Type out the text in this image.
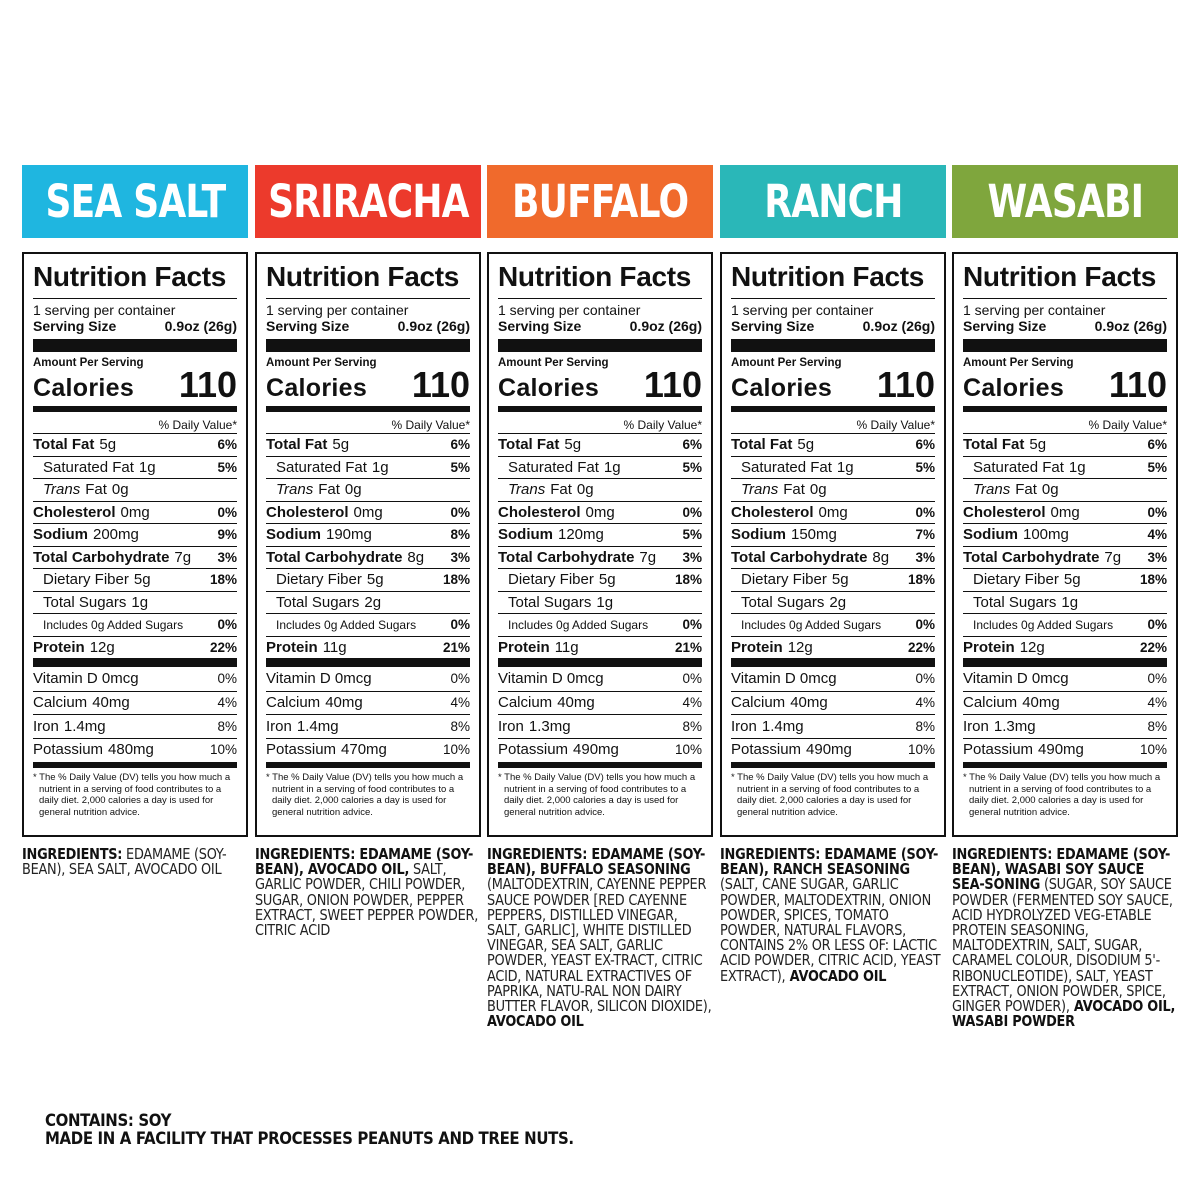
SEA SALT
Nutrition Facts
1 serving per container
Serving Size	0.9oz (26g)
Amount Per Serving
Calories 110
% Daily Value*
Total Fat 5g	6%
Saturated Fat 1g	5%
Trans Fat 0g
Cholesterol 0mg	0%
Sodium 200mg	9%
Total Carbohydrate 7g 3%
Dietary Fiber 5g	18%
Total Sugars 1g
Includes 0g Added Sugars	0%
Protein 12g	22%
Vitamin D 0mcg	0%
Calcium 40mg	4%
Iron 1.4mg	8%
Potassium 480mg	10%
* The % Daily Value (DV) tells you how much a nutrient in a serving of food contributes to a daily diet. 2,000 calories a day is used for general nutrition advice.
INGREDIENTS: EDAMAME (SOY-BEAN), SEA SALT, AVOCADO OIL
SRIRACHA
Nutrition Facts
1 serving per container
Serving Size	0.9oz (26g)
Amount Per Serving
Calories 110
% Daily Value*
Total Fat 5g	6%
Saturated Fat 1g	5%
Trans Fat 0g
Cholesterol 0mg	0%
Sodium 190mg	8%
Total Carbohydrate 8g 3%
Dietary Fiber 5g	18%
Total Sugars 2g
Includes 0g Added Sugars	0%
Protein 11g	21%
Vitamin D 0mcg	0%
Calcium 40mg	4%
Iron 1.4mg	8%
Potassium 470mg	10%
* The % Daily Value (DV) tells you how much a nutrient in a serving of food contributes to a daily diet. 2,000 calories a day is used for general nutrition advice.
INGREDIENTS: EDAMAME (SOY-BEAN), AVOCADO OIL, SALT, GARLIC POWDER, CHILI POWDER, SUGAR, ONION POWDER, PEPPER EXTRACT, SWEET PEPPER POWDER, CITRIC ACID
BUFFALO
Nutrition Facts
1 serving per container
Serving Size	0.9oz (26g)
Amount Per Serving
Calories 110
% Daily Value*
Total Fat 5g	6%
Saturated Fat 1g	5%
Trans Fat 0g
Cholesterol 0mg	0%
Sodium 120mg	5%
Total Carbohydrate 7g 3%
Dietary Fiber 5g	18%
Total Sugars 1g
Includes 0g Added Sugars	0%
Protein 11g	21%
Vitamin D 0mcg	0%
Calcium 40mg	4%
Iron 1.3mg	8%
Potassium 490mg	10%
* The % Daily Value (DV) tells you how much a nutrient in a serving of food contributes to a daily diet. 2,000 calories a day is used for general nutrition advice.
INGREDIENTS: EDAMAME (SOY-BEAN), BUFFALO SEASONING (MALTODEXTRIN, CAYENNE PEPPER SAUCE POWDER [RED CAYENNE PEPPERS, DISTILLED VINEGAR, SALT, GARLIC], WHITE DISTILLED VINEGAR, SEA SALT, GARLIC POWDER, YEAST EX-TRACT, CITRIC ACID, NATURAL EXTRACTIVES OF PAPRIKA, NATU-RAL NON DAIRY BUTTER FLAVOR, SILICON DIOXIDE), AVOCADO OIL
RANCH
Nutrition Facts
1 serving per container
Serving Size	0.9oz (26g)
Amount Per Serving
Calories 110
% Daily Value*
Total Fat 5g	6%
Saturated Fat 1g	5%
Trans Fat 0g
Cholesterol 0mg	0%
Sodium 150mg	7%
Total Carbohydrate 8g 3%
Dietary Fiber 5g	18%
Total Sugars 2g
Includes 0g Added Sugars	0%
Protein 12g	22%
Vitamin D 0mcg	0%
Calcium 40mg	4%
Iron 1.4mg	8%
Potassium 490mg	10%
* The % Daily Value (DV) tells you how much a nutrient in a serving of food contributes to a daily diet. 2,000 calories a day is used for general nutrition advice.
INGREDIENTS: EDAMAME (SOY-BEAN), RANCH SEASONING (SALT, CANE SUGAR, GARLIC POWDER, MALTODEXTRIN, ONION POWDER, SPICES, TOMATO POWDER, NATURAL FLAVORS, CONTAINS 2% OR LESS OF: LACTIC ACID POWDER, CITRIC ACID, YEAST EXTRACT), AVOCADO OIL
WASABI
Nutrition Facts
1 serving per container
Serving Size	0.9oz (26g)
Amount Per Serving
Calories 110
% Daily Value*
Total Fat 5g	6%
Saturated Fat 1g	5%
Trans Fat 0g
Cholesterol 0mg	0%
Sodium 100mg	4%
Total Carbohydrate 7g 3%
Dietary Fiber 5g	18%
Total Sugars 1g
Includes 0g Added Sugars	0%
Protein 12g	22%
Vitamin D 0mcg	0%
Calcium 40mg	4%
Iron 1.3mg	8%
Potassium 490mg	10%
* The % Daily Value (DV) tells you how much a nutrient in a serving of food contributes to a daily diet. 2,000 calories a day is used for general nutrition advice.
INGREDIENTS: EDAMAME (SOY-BEAN), WASABI SOY SAUCE SEA-SONING (SUGAR, SOY SAUCE POWDER (FERMENTED SOY SAUCE, ACID HYDROLYZED VEG-ETABLE PROTEIN SEASONING, MALTODEXTRIN, SALT, SUGAR, CARAMEL COLOUR, DISODIUM 5'-RIBONUCLEOTIDE), SALT, YEAST EXTRACT, ONION POWDER, SPICE, GINGER POWDER), AVOCADO OIL, WASABI POWDER
CONTAINS: SOY
MADE IN A FACILITY THAT PROCESSES PEANUTS AND TREE NUTS.
